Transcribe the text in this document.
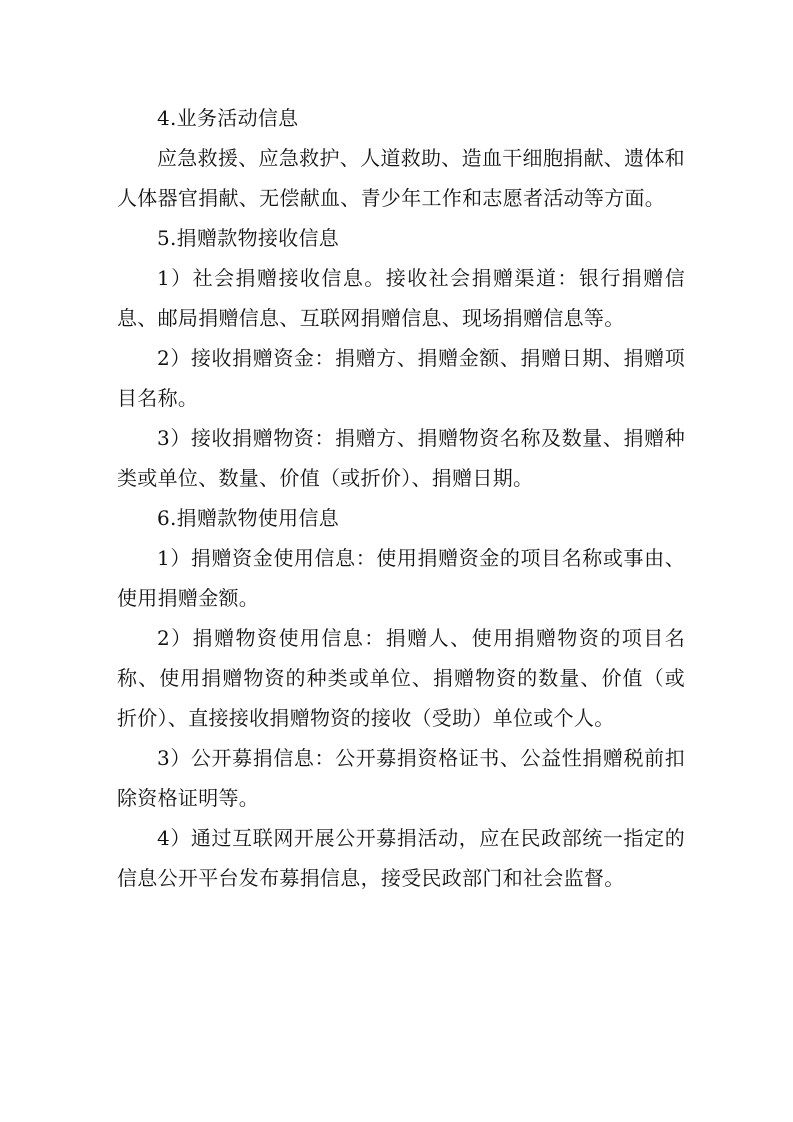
4.业务活动信息

应急救援、应急救护、人道救助、造血干细胞捐献、遗体和人体器官捐献、无偿献血、青少年工作和志愿者活动等方面。

5.捐赠款物接收信息

1）社会捐赠接收信息。接收社会捐赠渠道：银行捐赠信息、邮局捐赠信息、互联网捐赠信息、现场捐赠信息等。

2）接收捐赠资金：捐赠方、捐赠金额、捐赠日期、捐赠项目名称。

3）接收捐赠物资：捐赠方、捐赠物资名称及数量、捐赠种类或单位、数量、价值（或折价）、捐赠日期。

6.捐赠款物使用信息

1）捐赠资金使用信息：使用捐赠资金的项目名称或事由、使用捐赠金额。

2）捐赠物资使用信息：捐赠人、使用捐赠物资的项目名称、使用捐赠物资的种类或单位、捐赠物资的数量、价值（或折价）、直接接收捐赠物资的接收（受助）单位或个人。

3）公开募捐信息：公开募捐资格证书、公益性捐赠税前扣除资格证明等。

4）通过互联网开展公开募捐活动，应在民政部统一指定的信息公开平台发布募捐信息，接受民政部门和社会监督。
